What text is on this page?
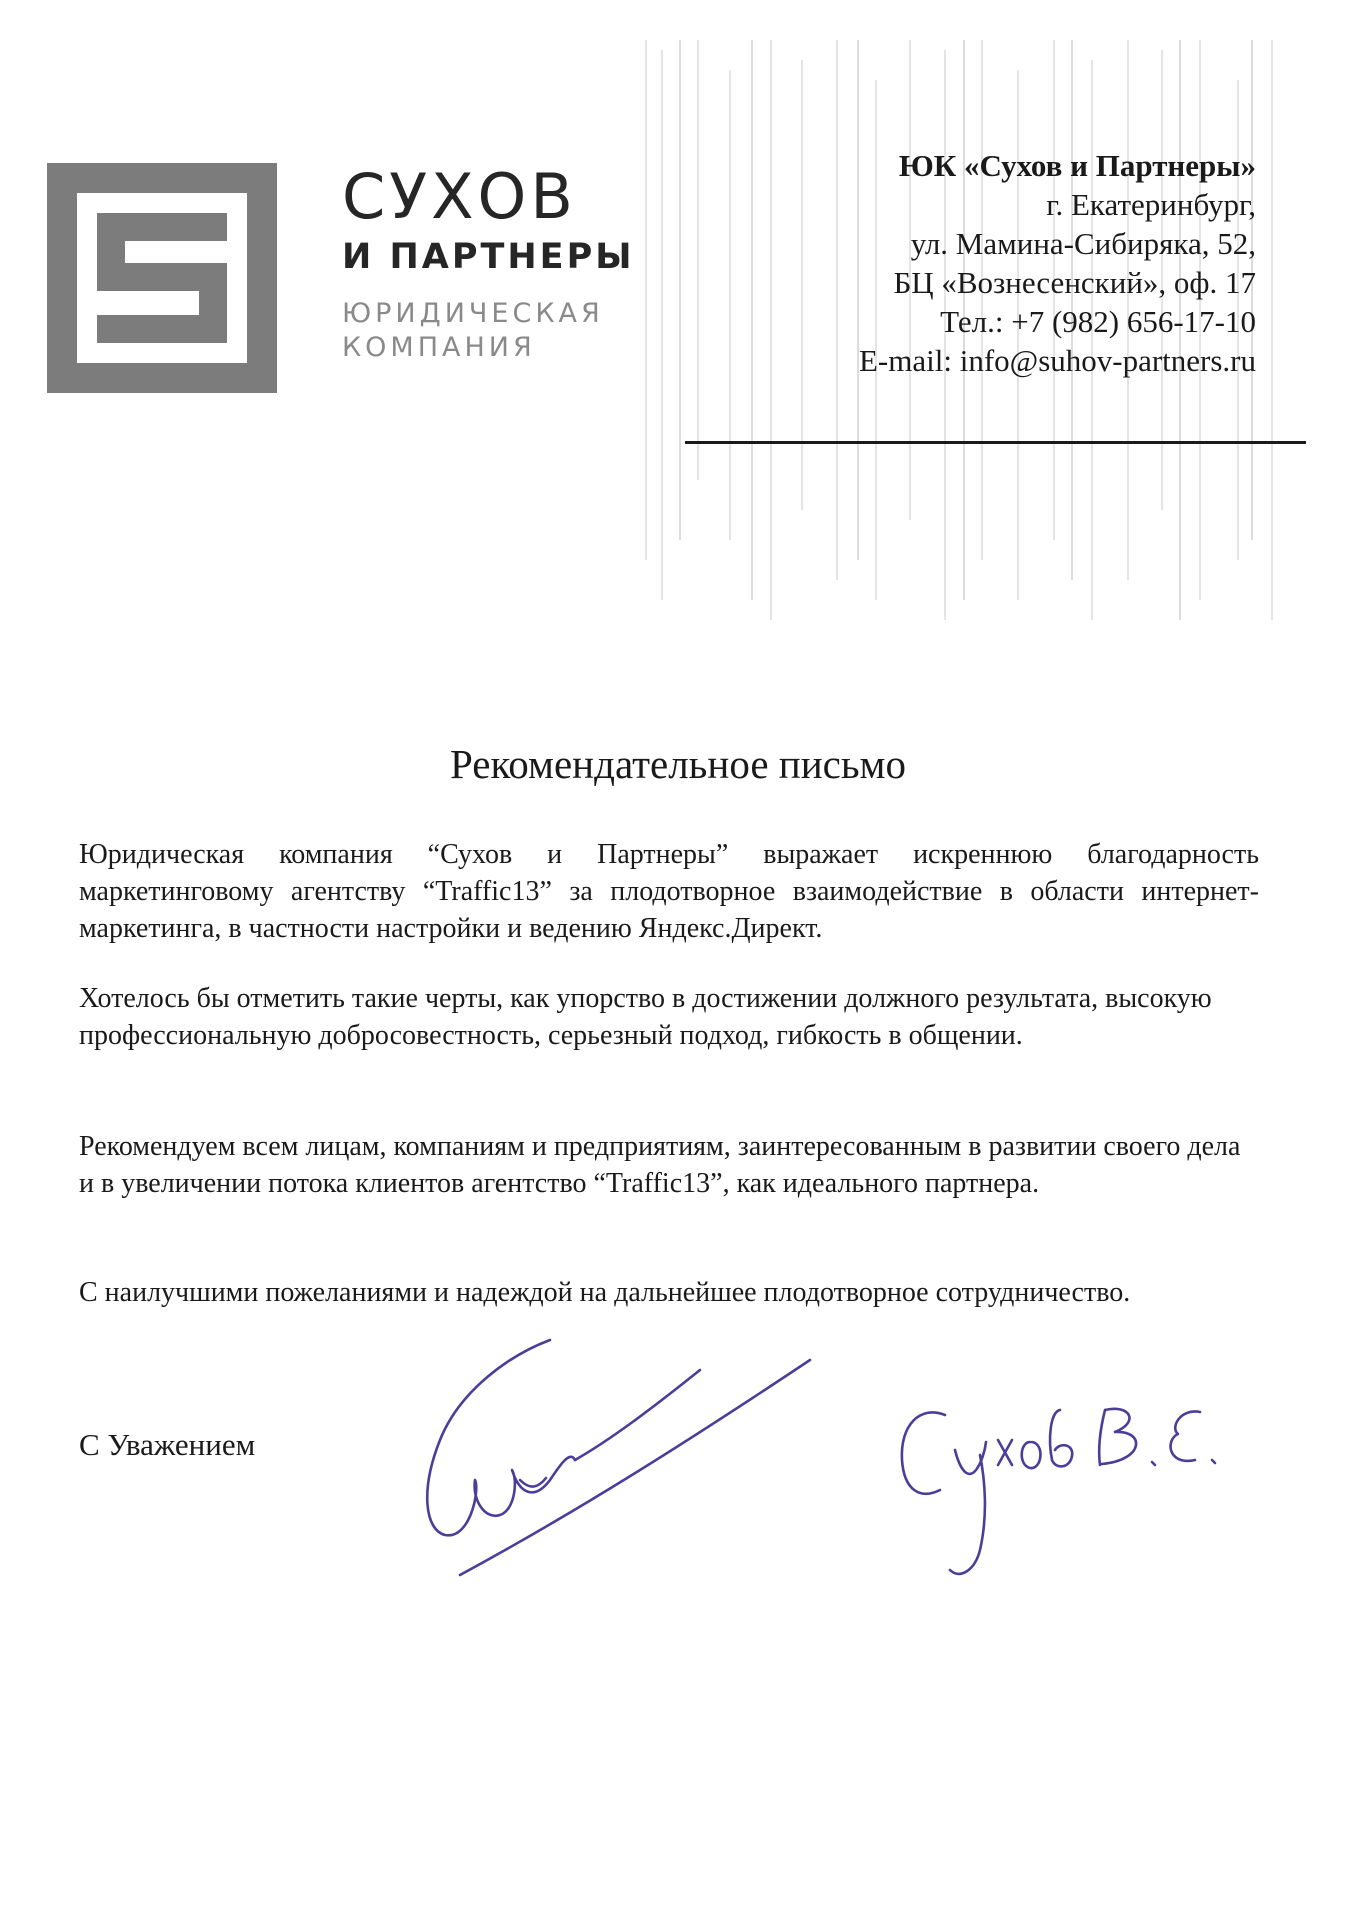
СУХОВ
И ПАРТНЕРЫ
ЮРИДИЧЕСКАЯ
КОМПАНИЯ
ЮК «Сухов и Партнеры»
г. Екатеринбург,
ул. Мамина-Сибиряка, 52,
БЦ «Вознесенский», оф. 17
Тел.: +7 (982) 656-17-10
E-mail: info@suhov-partners.ru
Рекомендательное письмо

Юридическая компания “Сухов и Партнеры” выражает искреннюю благодарность маркетинговому агентству “Traffic13” за плодотворное взаимодействие в области интернет-маркетинга, в частности настройки и ведению Яндекс.Директ.

Хотелось бы отметить такие черты, как упорство в достижении должного результата, высокую профессиональную добросовестность, серьезный подход, гибкость в общении.

Рекомендуем всем лицам, компаниям и предприятиям, заинтересованным в развитии своего дела и в увеличении потока клиентов агентство “Traffic13”, как идеального партнера.

С наилучшими пожеланиями и надеждой на дальнейшее плодотворное сотрудничество.

С Уважением
